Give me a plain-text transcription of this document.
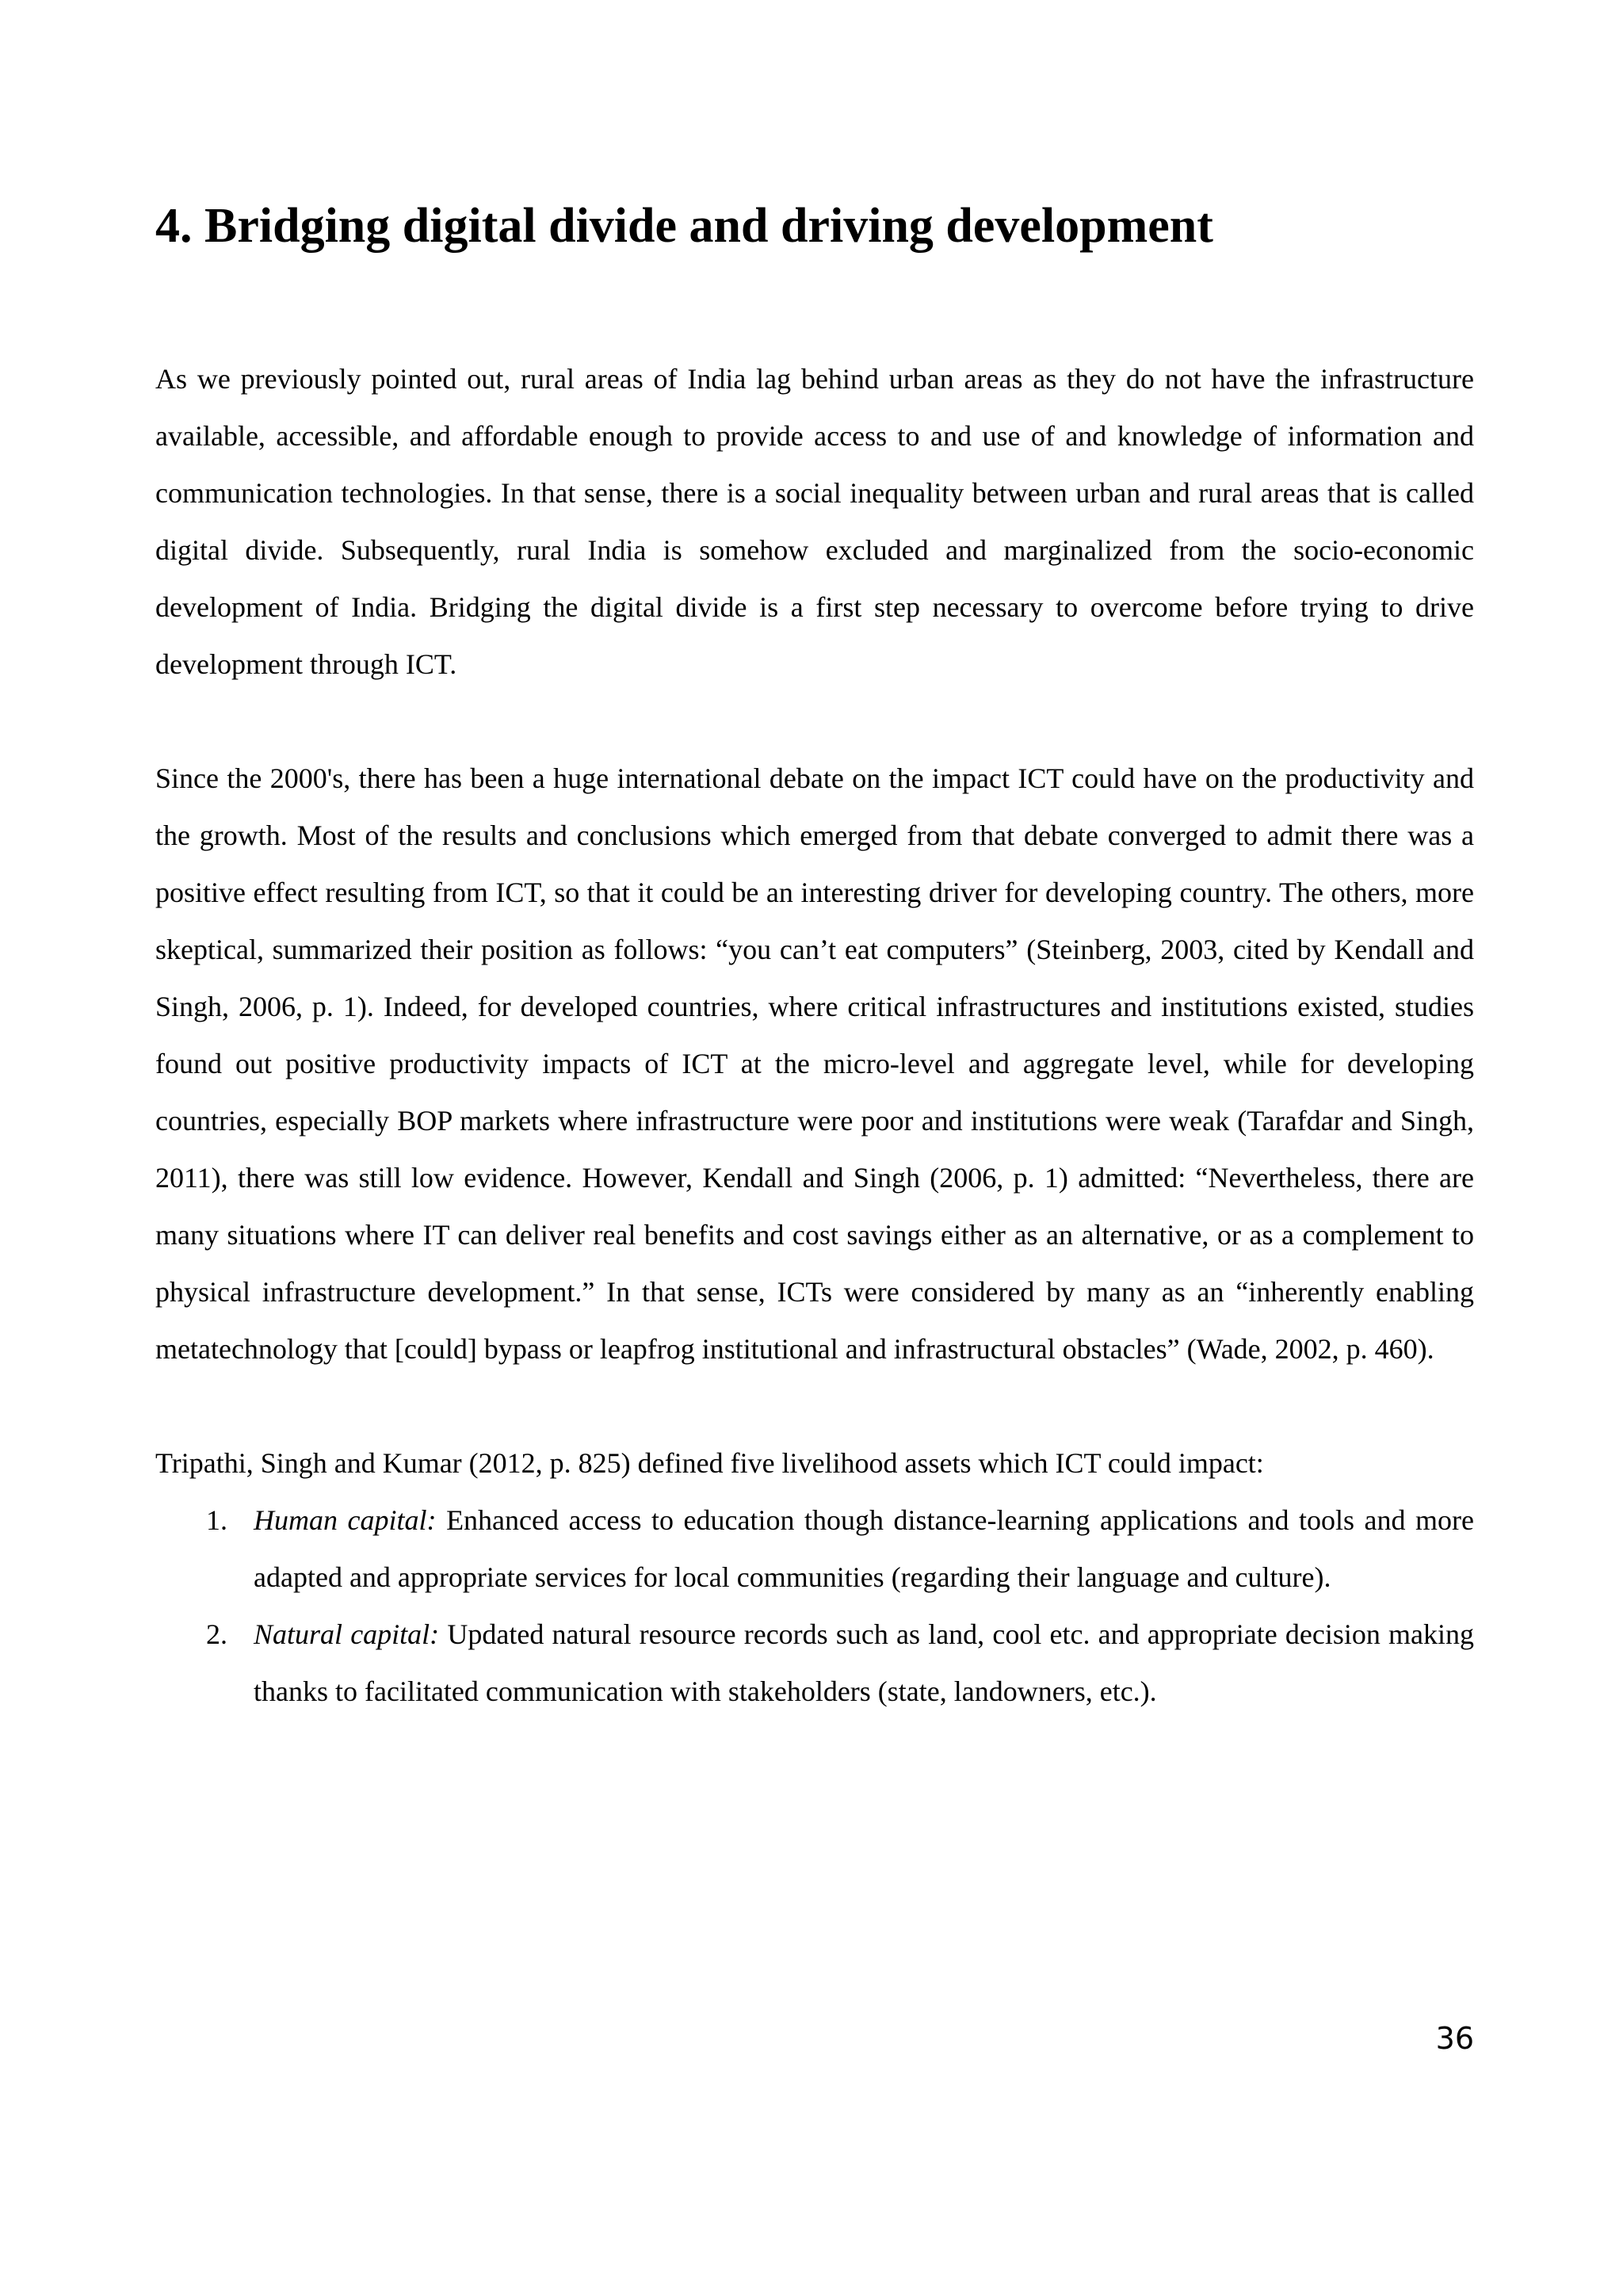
4. Bridging digital divide and driving development

As we previously pointed out, rural areas of India lag behind urban areas as they do not have the infrastructure available, accessible, and affordable enough to provide access to and use of and knowledge of information and communication technologies. In that sense, there is a social inequality between urban and rural areas that is called digital divide. Subsequently, rural India is somehow excluded and marginalized from the socio-economic development of India. Bridging the digital divide is a first step necessary to overcome before trying to drive development through ICT.

Since the 2000's, there has been a huge international debate on the impact ICT could have on the productivity and the growth. Most of the results and conclusions which emerged from that debate converged to admit there was a positive effect resulting from ICT, so that it could be an interesting driver for developing country. The others, more skeptical, summarized their position as follows: “you can’t eat computers” (Steinberg, 2003, cited by Kendall and Singh, 2006, p. 1). Indeed, for developed countries, where critical infrastructures and institutions existed, studies found out positive productivity impacts of ICT at the micro-level and aggregate level, while for developing countries, especially BOP markets where infrastructure were poor and institutions were weak (Tarafdar and Singh, 2011), there was still low evidence. However, Kendall and Singh (2006, p. 1) admitted: “Nevertheless, there are many situations where IT can deliver real benefits and cost savings either as an alternative, or as a complement to physical infrastructure development.” In that sense, ICTs were considered by many as an “inherently enabling metatechnology that [could] bypass or leapfrog institutional and infrastructural obstacles” (Wade, 2002, p. 460).

Tripathi, Singh and Kumar (2012, p. 825) defined five livelihood assets which ICT could impact:

1. Human capital: Enhanced access to education though distance-learning applications and tools and more adapted and appropriate services for local communities (regarding their language and culture).
2. Natural capital: Updated natural resource records such as land, cool etc. and appropriate decision making thanks to facilitated communication with stakeholders (state, landowners, etc.).
36
